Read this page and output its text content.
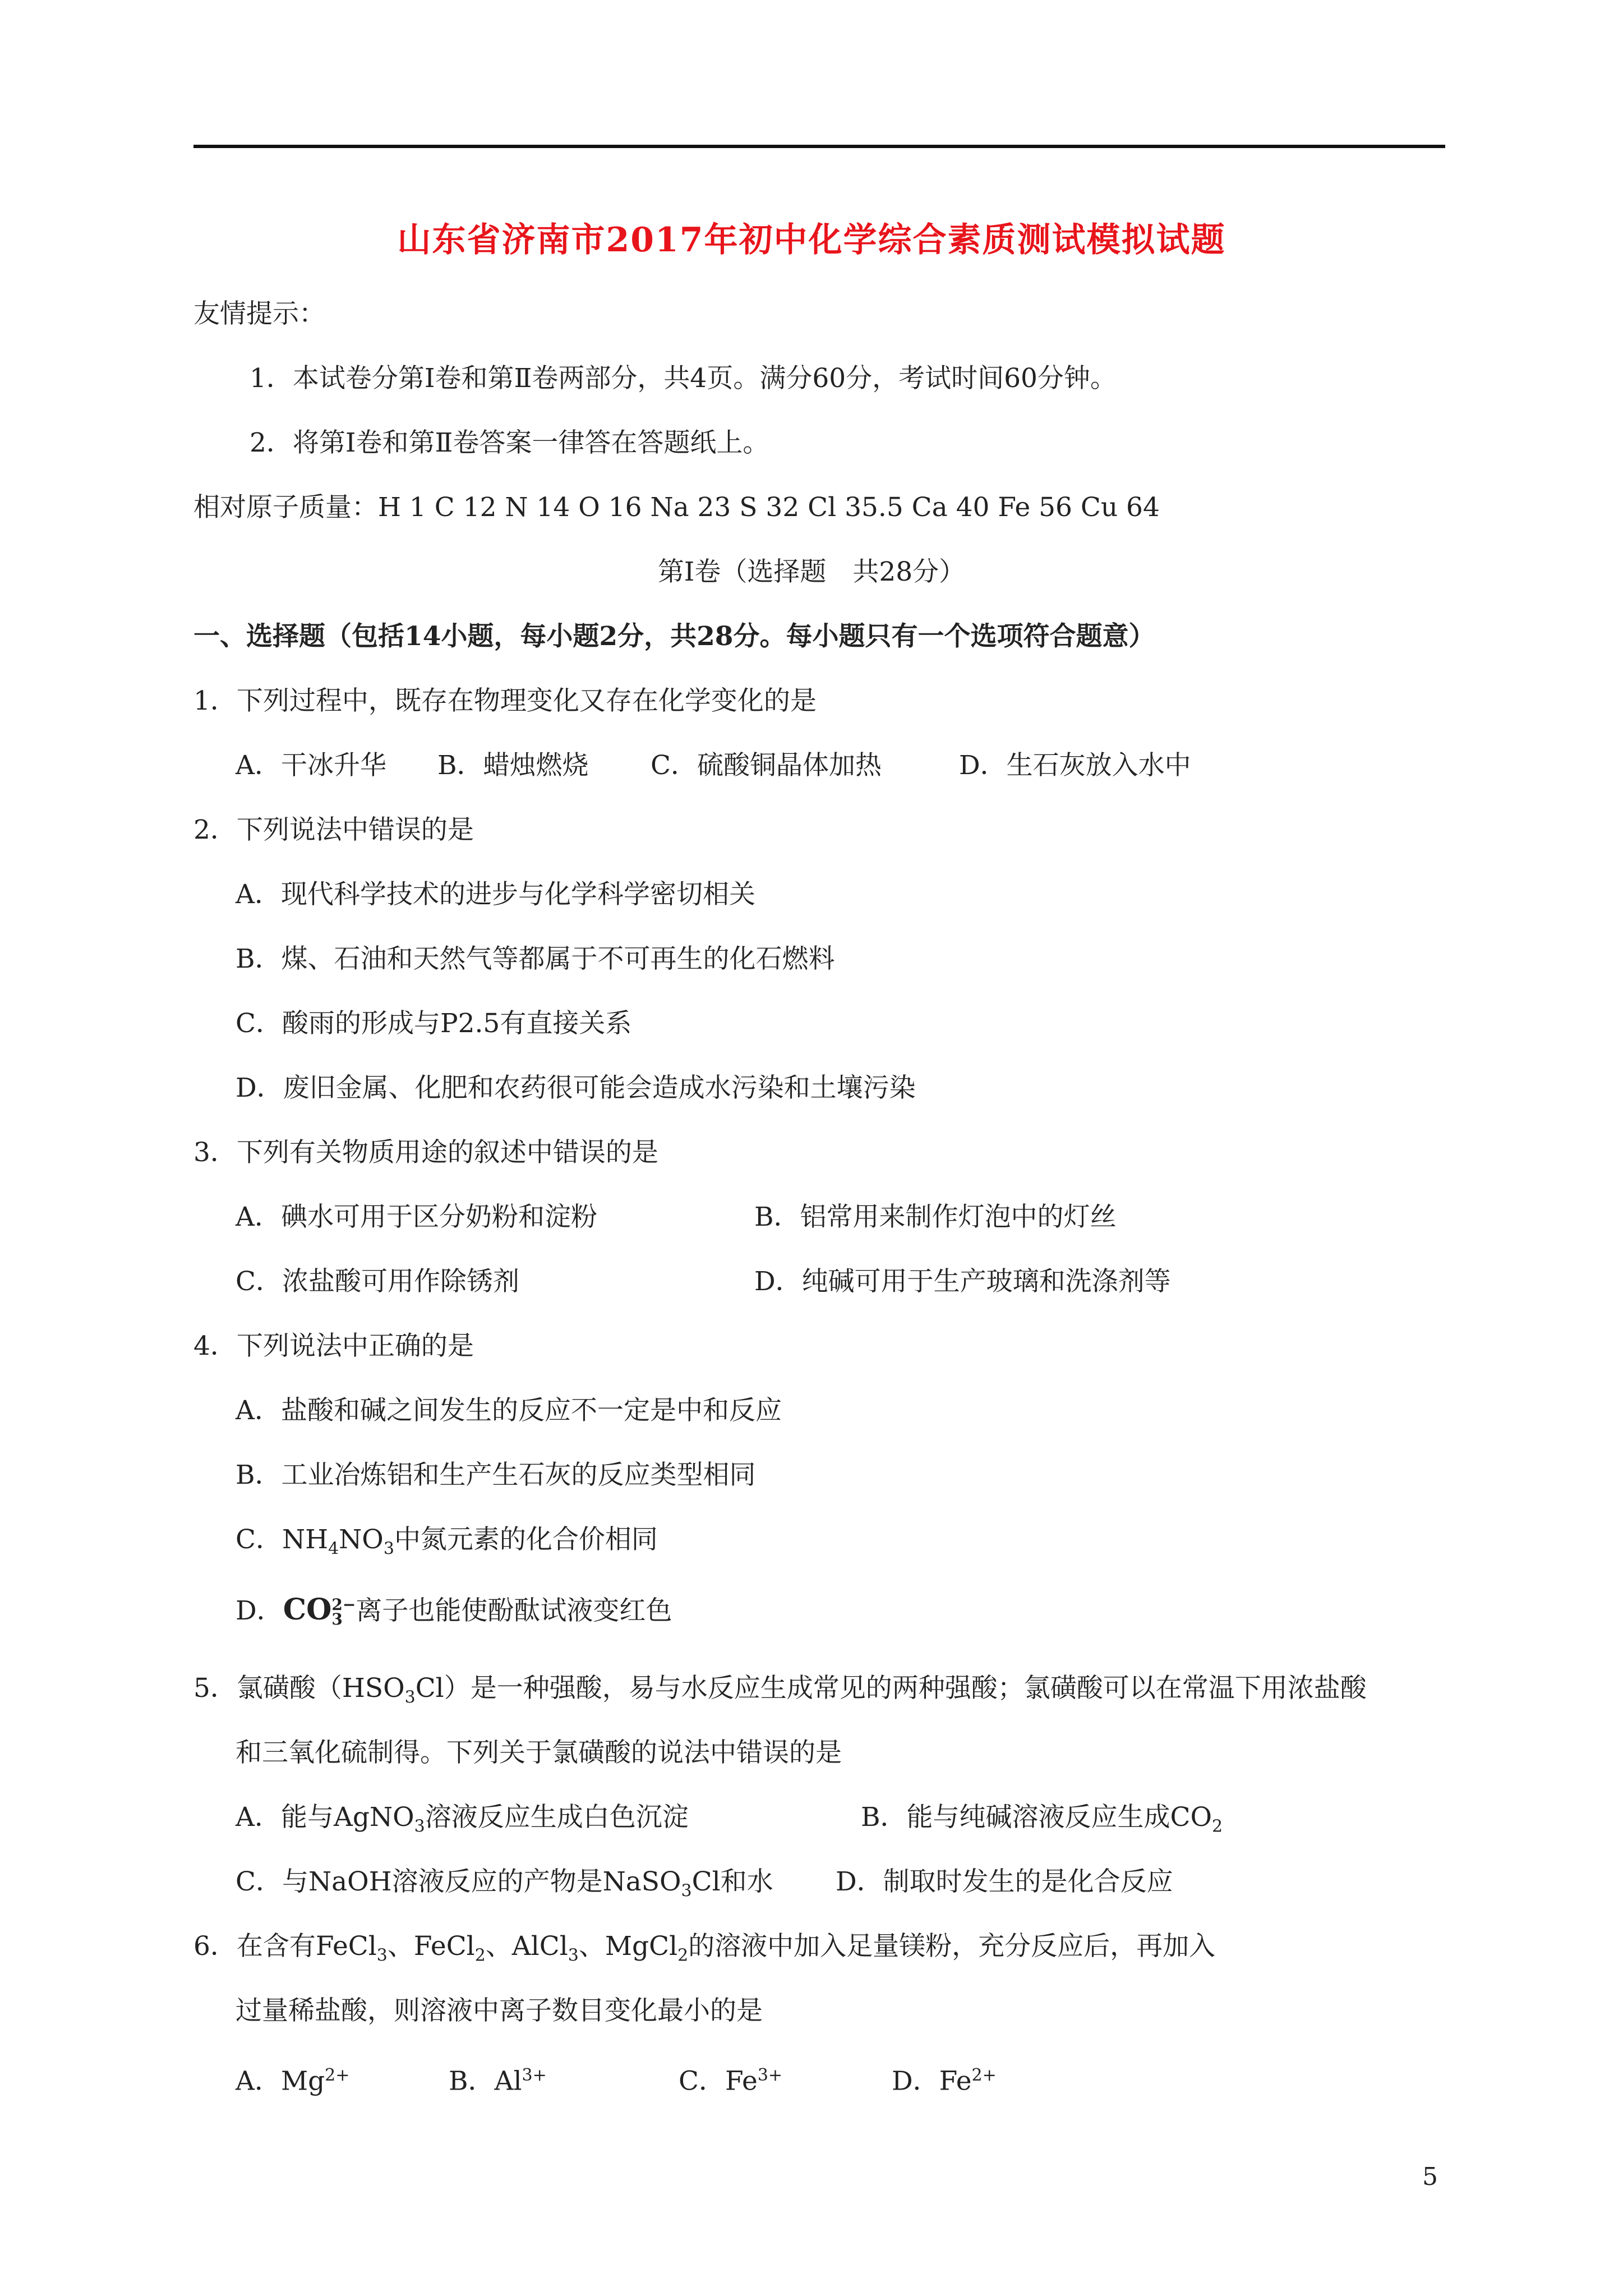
山东省济南市2017年初中化学综合素质测试模拟试题
友情提示：
1．本试卷分第Ⅰ卷和第Ⅱ卷两部分，共4页。满分60分，考试时间60分钟。
2．将第Ⅰ卷和第Ⅱ卷答案一律答在答题纸上。
相对原子质量：H 1 C 12 N 14 O 16 Na 23 S 32 Cl 35.5 Ca 40 Fe 56 Cu 64
第Ⅰ卷（选择题　共28分）
一、选择题（包括14小题，每小题2分，共28分。每小题只有一个选项符合题意）
1．下列过程中，既存在物理变化又存在化学变化的是
A．干冰升华 B．蜡烛燃烧 C．硫酸铜晶体加热	D．生石灰放入水中
2．下列说法中错误的是
A．现代科学技术的进步与化学科学密切相关
B．煤、石油和天然气等都属于不可再生的化石燃料
C．酸雨的形成与P2.5有直接关系
D．废旧金属、化肥和农药很可能会造成水污染和土壤污染
3．下列有关物质用途的叙述中错误的是
A．碘水可用于区分奶粉和淀粉	B．铝常用来制作灯泡中的灯丝
C．浓盐酸可用作除锈剂	D．纯碱可用于生产玻璃和洗涤剂等
4．下列说法中正确的是
A．盐酸和碱之间发生的反应不一定是中和反应
B．工业冶炼铝和生产生石灰的反应类型相同
C．$NH_4NO_3$中氮元素的化合价相同
D．CO 2−
3 离子也能使酚酞试液变红色
5．氯磺酸$(HSO_3Cl)$是一种强酸，易与水反应生成常见的两种强酸；氯磺酸可以在常温下用浓盐酸
和三氧化硫制得。下列关于氯磺酸的说法中错误的是
A．能与AgNO$_3$溶液反应生成白色沉淀	B．能与纯碱溶液反应生成$CO_2$
C．与NaOH溶液反应的产物是NaSO$_3$Cl和水 D．制取时发生的是化合反应
6．在含有FeCl$_3$、FeCl$_2$、AlCl$_3$、MgCl$_2$的溶液中加入足量镁粉，充分反应后，再加入
过量稀盐酸，则溶液中离子数目变化最小的是
A．$Mg^{2+}$	B．$Al^{3+}$	C．$Fe^{3+}$	D．$Fe^{2+}$
5
